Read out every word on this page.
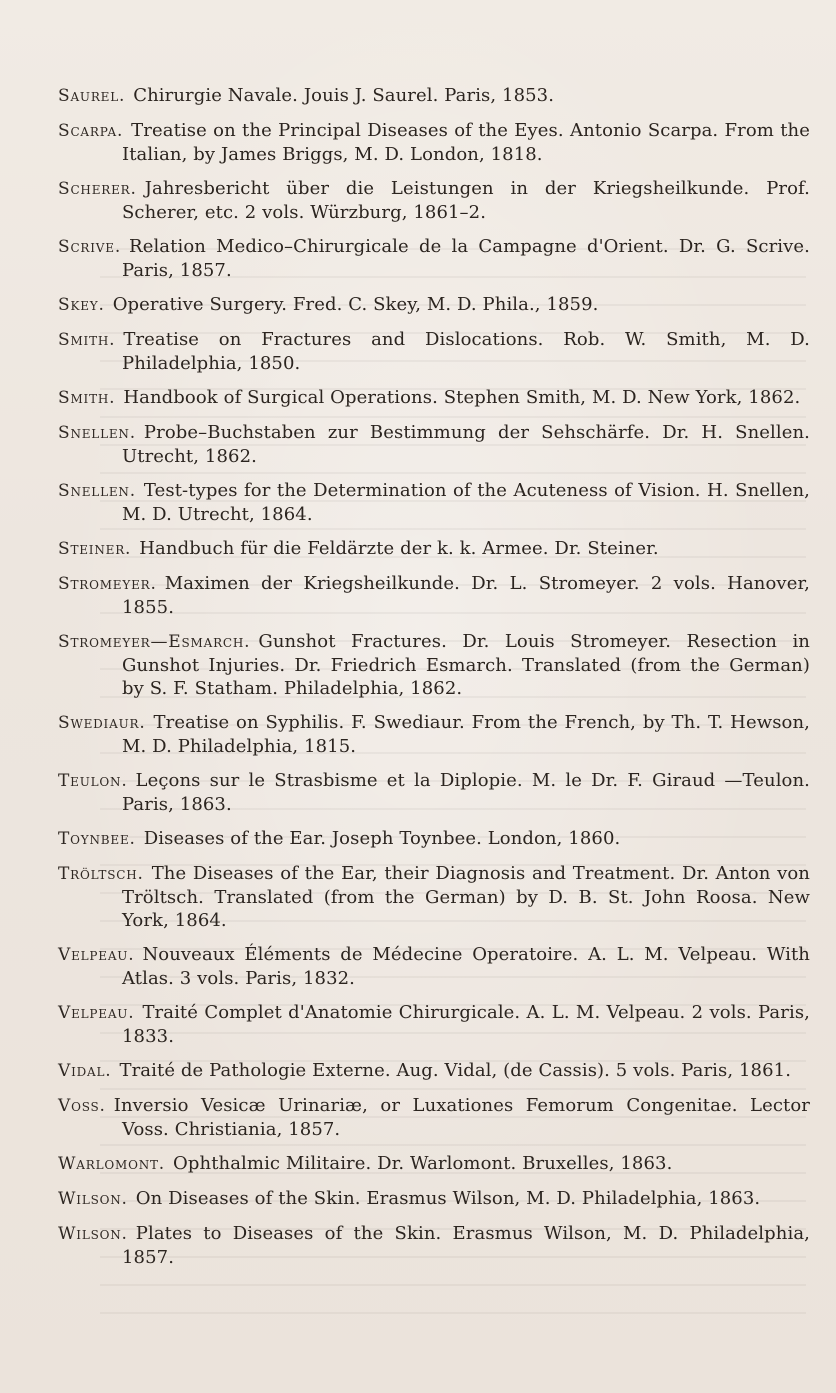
Saurel. Chirurgie Navale. Jouis J. Saurel. Paris, 1853.

Scarpa. Treatise on the Principal Diseases of the Eyes. Antonio Scarpa. From the Italian, by James Briggs, M. D. London, 1818.

Scherer. Jahresbericht über die Leistungen in der Kriegsheilkunde. Prof. Scherer, etc. 2 vols. Würzburg, 1861–2.

Scrive. Relation Medico–Chirurgicale de la Campagne d'Orient. Dr. G. Scrive. Paris, 1857.

Skey. Operative Surgery. Fred. C. Skey, M. D. Phila., 1859.

Smith. Treatise on Fractures and Dislocations. Rob. W. Smith, M. D. Philadelphia, 1850.

Smith. Handbook of Surgical Operations. Stephen Smith, M. D. New York, 1862.

Snellen. Probe–Buchstaben zur Bestimmung der Sehschärfe. Dr. H. Snellen. Utrecht, 1862.

Snellen. Test-types for the Determination of the Acuteness of Vision. H. Snellen, M. D. Utrecht, 1864.

Steiner. Handbuch für die Feldärzte der k. k. Armee. Dr. Steiner.

Stromeyer. Maximen der Kriegsheilkunde. Dr. L. Stromeyer. 2 vols. Hanover, 1855.

Stromeyer—Esmarch. Gunshot Fractures. Dr. Louis Stromeyer. Resection in Gunshot Injuries. Dr. Friedrich Esmarch. Translated (from the German) by S. F. Statham. Philadelphia, 1862.

Swediaur. Treatise on Syphilis. F. Swediaur. From the French, by Th. T. Hewson, M. D. Philadelphia, 1815.

Teulon. Leçons sur le Strasbisme et la Diplopie. M. le Dr. F. Giraud —Teulon. Paris, 1863.

Toynbee. Diseases of the Ear. Joseph Toynbee. London, 1860.

Tröltsch. The Diseases of the Ear, their Diagnosis and Treatment. Dr. Anton von Tröltsch. Translated (from the German) by D. B. St. John Roosa. New York, 1864.

Velpeau. Nouveaux Éléments de Médecine Operatoire. A. L. M. Velpeau. With Atlas. 3 vols. Paris, 1832.

Velpeau. Traité Complet d'Anatomie Chirurgicale. A. L. M. Velpeau. 2 vols. Paris, 1833.

Vidal. Traité de Pathologie Externe. Aug. Vidal, (de Cassis). 5 vols. Paris, 1861.

Voss. Inversio Vesicæ Urinariæ, or Luxationes Femorum Congenitae. Lector Voss. Christiania, 1857.

Warlomont. Ophthalmic Militaire. Dr. Warlomont. Bruxelles, 1863.

Wilson. On Diseases of the Skin. Erasmus Wilson, M. D. Philadelphia, 1863.

Wilson. Plates to Diseases of the Skin. Erasmus Wilson, M. D. Philadelphia, 1857.
